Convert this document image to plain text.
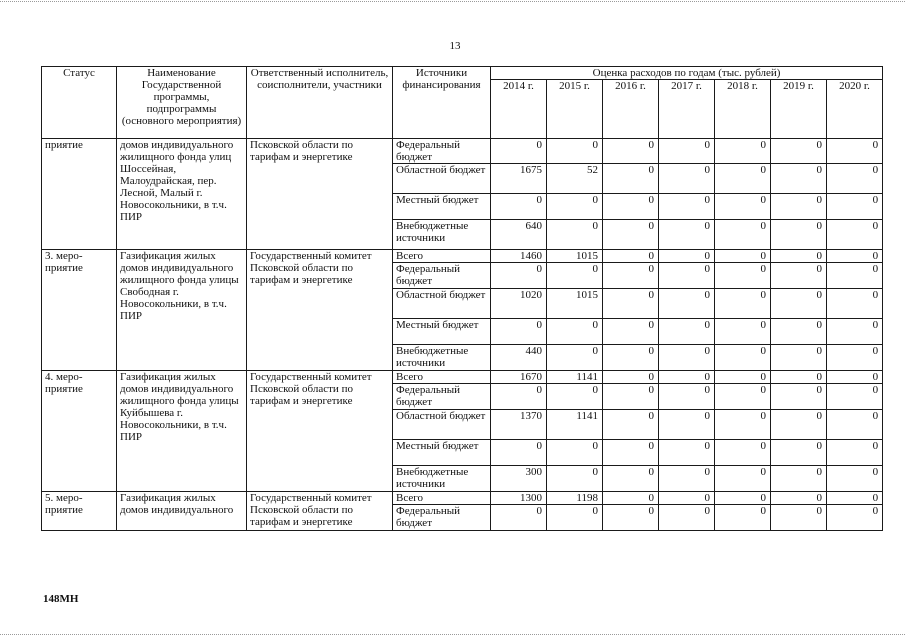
13
Статус	Наименование Государственной программы, подпрограммы (основного мероприятия)	Ответственный исполнитель, соисполнители, участники	Источники финансирования	Оценка расходов по годам (тыс. рублей)						
				2014 г.	2015 г.	2016 г.	2017 г.	2018 г.	2019 г.	2020 г.
приятие	домов индивидуального жилищного фонда улиц Шоссейная, Малоудрайская, пер. Лесной, Малый г. Новосокольники, в т.ч. ПИР	Псковской области по тарифам и энергетике	Федеральный бюджет	0	0	0	0	0	0	0
			Областной бюджет	1675	52	0	0	0	0	0
			Местный бюджет	0	0	0	0	0	0	0
			Внебюджетные источники	640	0	0	0	0	0	0
3. меро-приятие	Газификация жилых домов индивидуального жилищного фонда улицы Свободная г. Новосокольники, в т.ч. ПИР	Государственный комитет Псковской области по тарифам и энергетике	Всего	1460	1015	0	0	0	0	0
			Федеральный бюджет	0	0	0	0	0	0	0
			Областной бюджет	1020	1015	0	0	0	0	0
			Местный бюджет	0	0	0	0	0	0	0
			Внебюджетные источники	440	0	0	0	0	0	0
4. меро-приятие	Газификация жилых домов индивидуального жилищного фонда улицы Куйбышева г. Новосокольники, в т.ч. ПИР	Государственный комитет Псковской области по тарифам и энергетике	Всего	1670	1141	0	0	0	0	0
			Федеральный бюджет	0	0	0	0	0	0	0
			Областной бюджет	1370	1141	0	0	0	0	0
			Местный бюджет	0	0	0	0	0	0	0
			Внебюджетные источники	300	0	0	0	0	0	0
5. меро-приятие	Газификация жилых домов индивидуального	Государственный комитет Псковской области по тарифам и энергетике	Всего	1300	1198	0	0	0	0	0
			Федеральный бюджет	0	0	0	0	0	0	0
148МН
